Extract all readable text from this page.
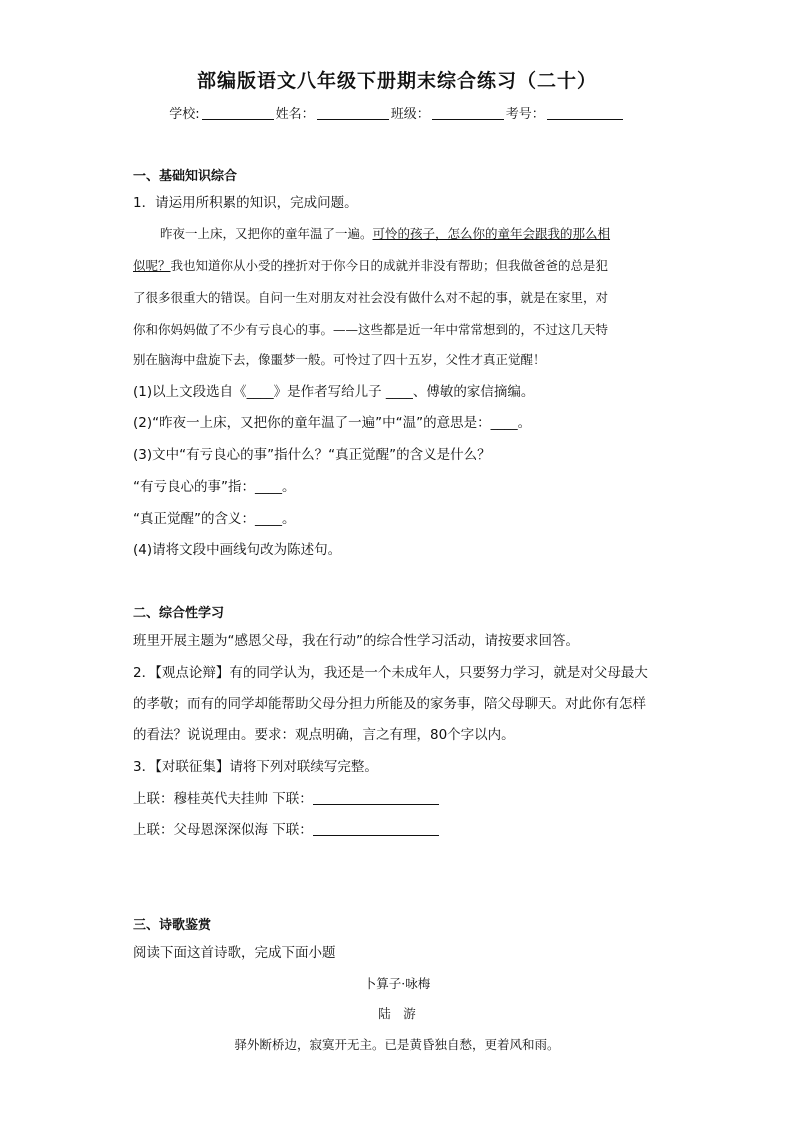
部编版语文八年级下册期末综合练习（二十）
学校:	姓名：	班级：	考号：
一、基础知识综合
1．请运用所积累的知识，完成问题。
昨夜一上床，又把你的童年温了一遍。可怜的孩子，怎么你的童年会跟我的那么相
似呢？我也知道你从小受的挫折对于你今日的成就并非没有帮助；但我做爸爸的总是犯
了很多很重大的错误。自问一生对朋友对社会没有做什么对不起的事，就是在家里，对
你和你妈妈做了不少有亏良心的事。——这些都是近一年中常常想到的，不过这几天特
别在脑海中盘旋下去，像噩梦一般。可怜过了四十五岁，父性才真正觉醒！
(1)以上文段选自《____》是作者写给儿子 ____、傅敏的家信摘编。
(2)“昨夜一上床，又把你的童年温了一遍”中“温”的意思是：____。
(3)文中“有亏良心的事”指什么？“真正觉醒”的含义是什么？
“有亏良心的事”指：____。
“真正觉醒”的含义：____。
(4)请将文段中画线句改为陈述句。
二、综合性学习
班里开展主题为“感恩父母，我在行动”的综合性学习活动，请按要求回答。
2．【观点论辩】有的同学认为，我还是一个未成年人，只要努力学习，就是对父母最大
的孝敬；而有的同学却能帮助父母分担力所能及的家务事，陪父母聊天。对此你有怎样
的看法？说说理由。要求：观点明确，言之有理，80个字以内。
3．【对联征集】请将下列对联续写完整。
上联：穆桂英代夫挂帅 下联：
上联：父母恩深深似海 下联：
三、诗歌鉴赏
阅读下面这首诗歌，完成下面小题
卜算子·咏梅
陆　游
驿外断桥边，寂寞开无主。已是黄昏独自愁，更着风和雨。
